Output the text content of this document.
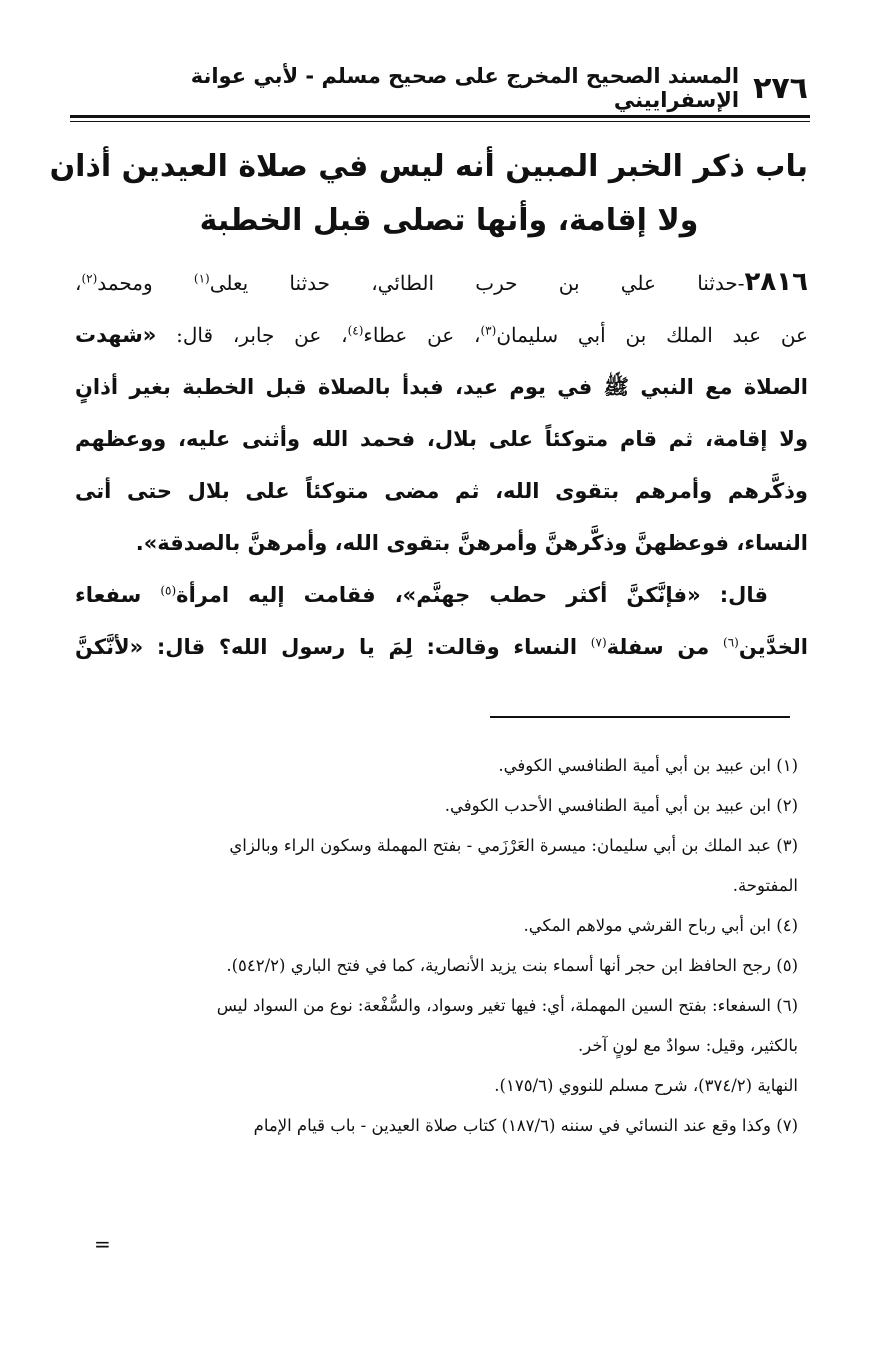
٢٧٦
المسند الصحيح المخرج على صحيح مسلم - لأبي عوانة الإسفراييني
باب ذكر الخبر المبين أنه ليس في صلاة العيدين أذان
ولا إقامة، وأنها تصلى قبل الخطبة
٢٨١٦-حدثنا علي بن حرب الطائي، حدثنا يعلى$^{(١)}$ ومحمد$^{(٢)}$،
عن عبد الملك بن أبي سليمان$^{(٣)}$، عن عطاء$^{(٤)}$، عن جابر، قال: «شهدت
الصلاة مع النبي ﷺ في يوم عيد، فبدأ بالصلاة قبل الخطبة بغير أذانٍ
ولا إقامة، ثم قام متوكئاً على بلال، فحمد الله وأثنى عليه، ووعظهم
وذكَّرهم وأمرهم بتقوى الله، ثم مضى متوكئاً على بلال حتى أتى
النساء، فوعظهنَّ وذكَّرهنَّ وأمرهنَّ بتقوى الله، وأمرهنَّ بالصدقة».
قال: «فإنَّكنَّ أكثر حطب جهنَّم»، فقامت إليه امرأة$^{(٥)}$ سفعاء
الخدَّين$^{(٦)}$ من سفلة$^{(٧)}$ النساء وقالت: لِمَ يا رسول الله؟ قال: «لأنَّكنَّ
(١) ابن عبيد بن أبي أمية الطنافسي الكوفي.
(٢) ابن عبيد بن أبي أمية الطنافسي الأحدب الكوفي.
(٣) عبد الملك بن أبي سليمان: ميسرة العَرْزَمي - بفتح المهملة وسكون الراء وبالزاي
المفتوحة.
(٤) ابن أبي رباح القرشي مولاهم المكي.
(٥) رجح الحافظ ابن حجر أنها أسماء بنت يزيد الأنصارية، كما في فتح الباري (٥٤٢/٢).
(٦) السفعاء: بفتح السين المهملة، أي: فيها تغير وسواد، والسُّفْعة: نوع من السواد ليس
بالكثير، وقيل: سوادٌ مع لونٍ آخر.
النهاية (٣٧٤/٢)، شرح مسلم للنووي (١٧٥/٦).
(٧) وكذا وقع عند النسائي في سننه (١٨٧/٦) كتاب صلاة العيدين - باب قيام الإمام
=
